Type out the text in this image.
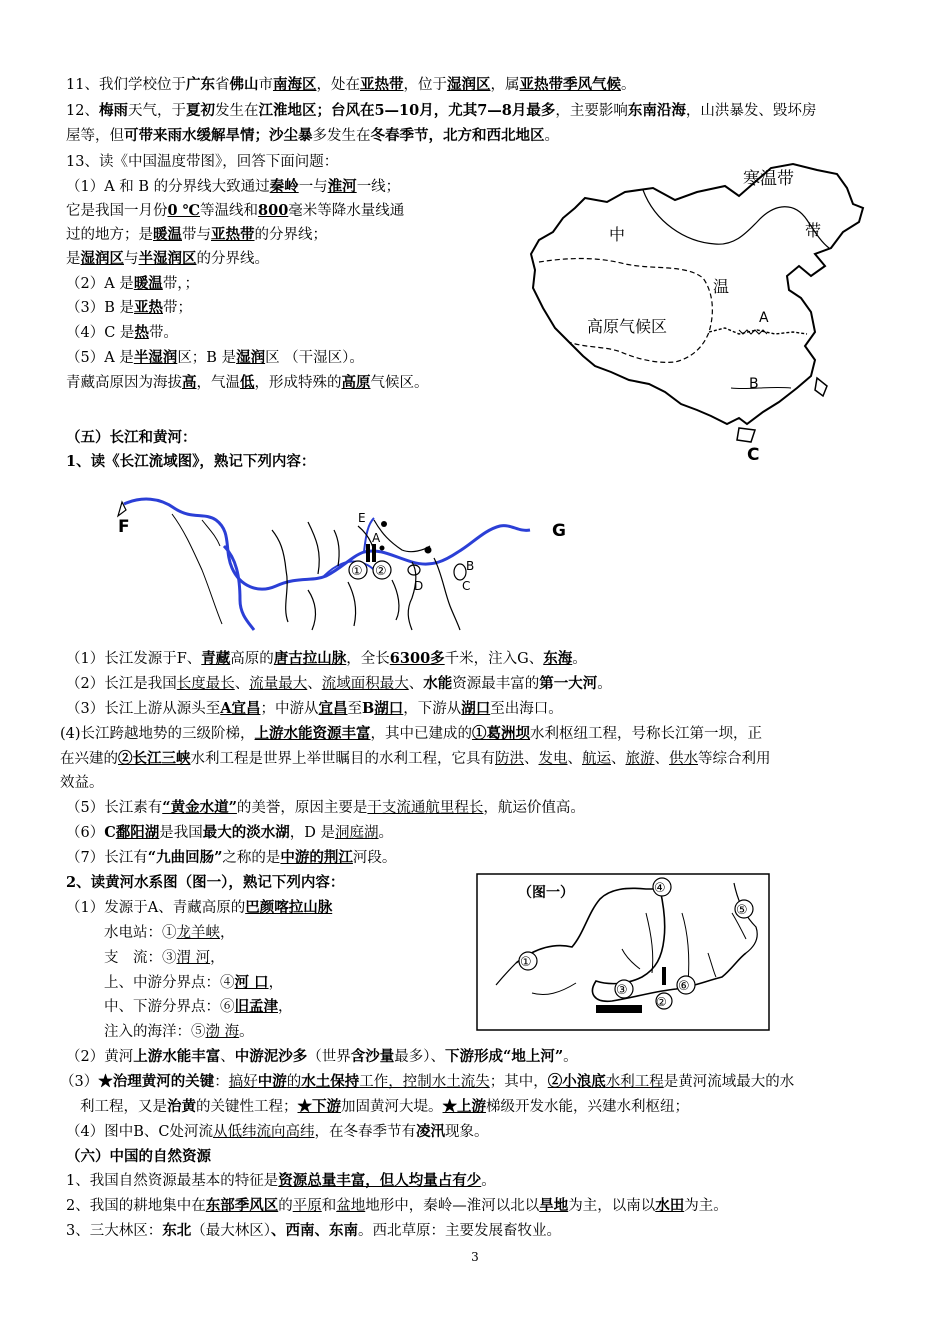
11、我们学校位于广东省佛山市南海区，处在亚热带，位于湿润区，属亚热带季风气候。
12、梅雨天气，于夏初发生在江淮地区；台风在5—10月，尤其7—8月最多，主要影响东南沿海，山洪暴发、毁坏房
屋等，但可带来雨水缓解旱情；沙尘暴多发生在冬春季节，北方和西北地区。
13、读《中国温度带图》，回答下面问题：
（1）A 和 B 的分界线大致通过秦岭一与淮河一线；
它是我国一月份0 ℃等温线和800毫米等降水量线通
过的地方；是暖温带与亚热带的分界线；
是湿润区与半湿润区的分界线。
（2）A 是暖温带，；
（3）B 是亚热带；
（4）C 是热带。
（5）A 是半湿润区；B 是湿润区 （干湿区）。
青藏高原因为海拔高，气温低，形成特殊的高原气候区。
寒温带
中	带
温
高原气候区	A
B
C
（五）长江和黄河：
1、读《长江流域图》，熟记下列内容：
F	G
E
A
B
C
D
① ②
（1）长江发源于F、青藏高原的唐古拉山脉，全长6300多千米，注入G、东海。
（2）长江是我国长度最长、流量最大、流域面积最大、水能资源最丰富的第一大河。
（3）长江上游从源头至A宜昌；中游从宜昌至B湖口，下游从湖口至出海口。
(4)长江跨越地势的三级阶梯，上游水能资源丰富，其中已建成的①葛洲坝水利枢纽工程，号称长江第一坝，正
在兴建的②长江三峡水利工程是世界上举世瞩目的水利工程，它具有防洪、发电、航运、旅游、供水等综合利用
效益。
（5）长江素有“黄金水道”的美誉，原因主要是干支流通航里程长，航运价值高。
（6）C鄱阳湖是我国最大的淡水湖，D 是洞庭湖。
（7）长江有“九曲回肠”之称的是中游的荆江河段。
2、读黄河水系图（图一），熟记下列内容：
（1）发源于A、青藏高原的巴颜喀拉山脉
水电站：①龙羊峡，
支　流：③渭 河，
上、中游分界点：④河 口，
中、下游分界点：⑥旧孟津，
注入的海洋：⑤渤 海。
（图一）
①
②
③
④
⑤
⑥
（2）黄河上游水能丰富、中游泥沙多（世界含沙量最多）、下游形成“地上河”。
（3）★治理黄河的关键：搞好中游的水土保持工作，控制水土流失；其中，②小浪底水利工程是黄河流域最大的水
利工程，又是治黄的关键性工程；★下游加固黄河大堤。★上游梯级开发水能，兴建水利枢纽；
（4）图中B、C处河流从低纬流向高纬，在冬春季节有凌汛现象。
（六）中国的自然资源
1、我国自然资源最基本的特征是资源总量丰富，但人均量占有少。
2、我国的耕地集中在东部季风区的平原和盆地地形中，秦岭—淮河以北以旱地为主，以南以水田为主。
3、三大林区：东北（最大林区）、西南、东南。西北草原：主要发展畜牧业。
3
